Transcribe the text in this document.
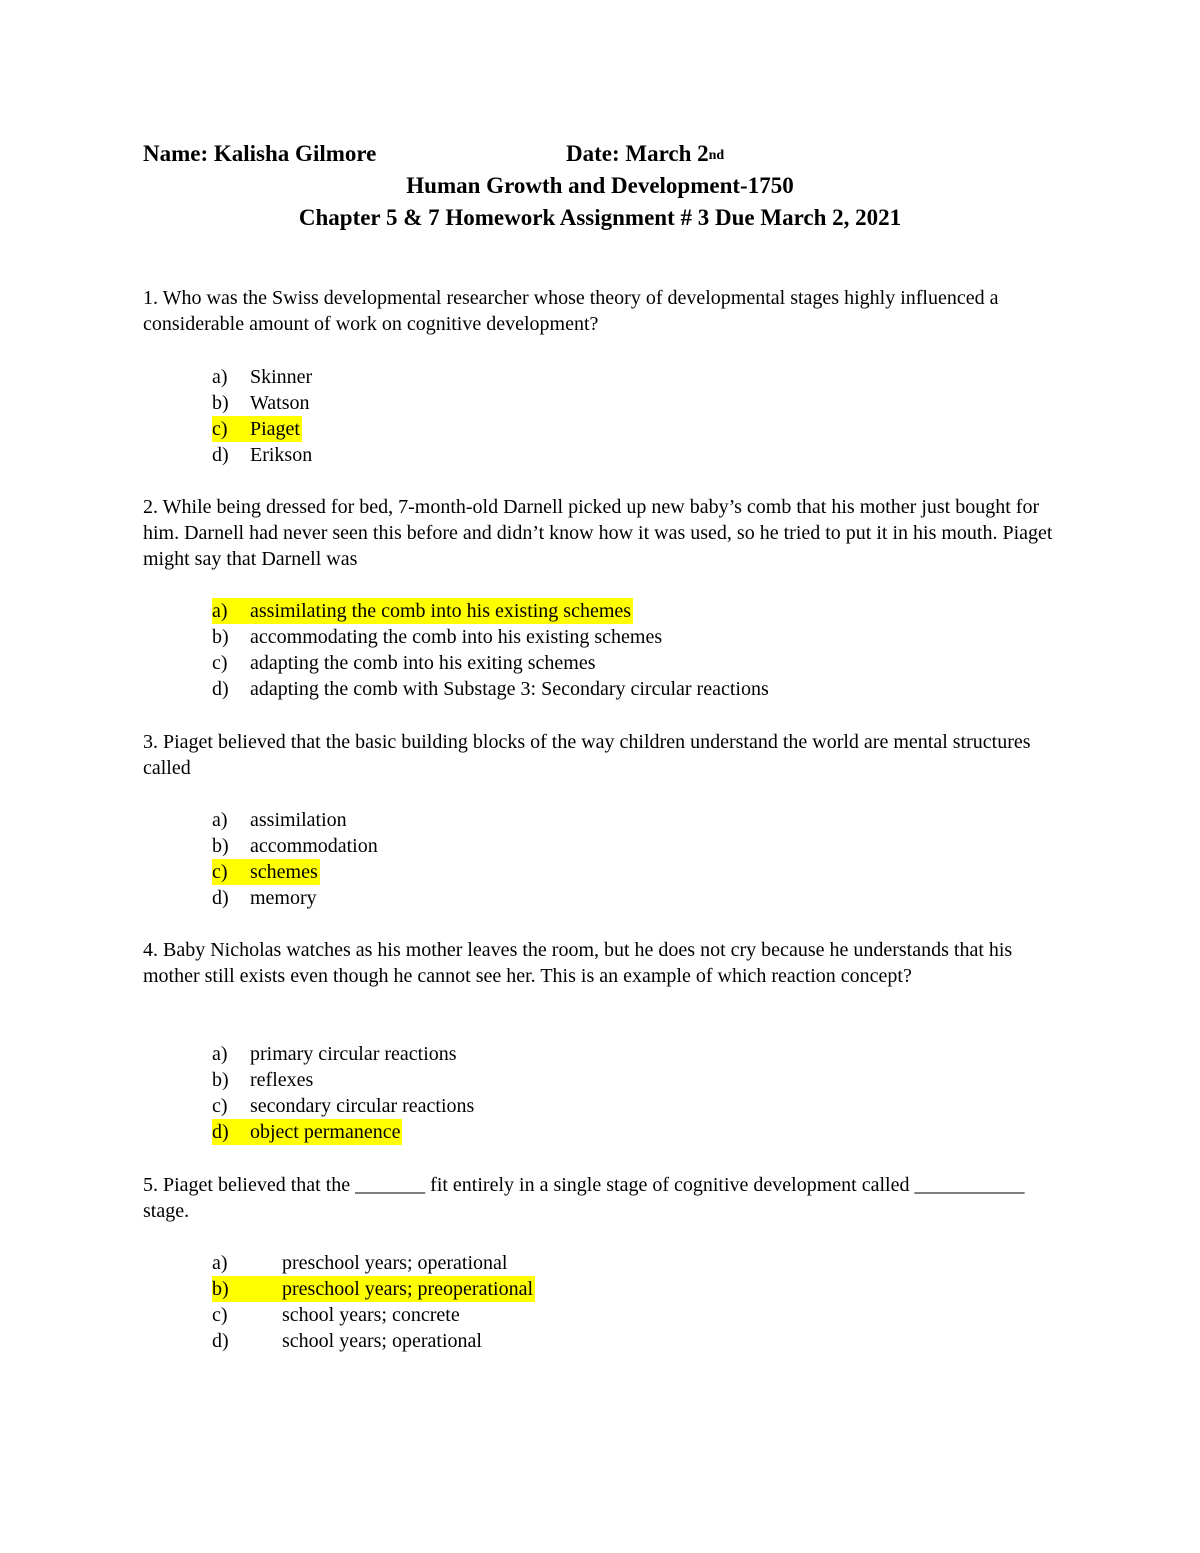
Name: Kalisha Gilmore	Date: March 2nd
Human Growth and Development-1750
Chapter 5 & 7 Homework Assignment # 3 Due March 2, 2021
1. Who was the Swiss developmental researcher whose theory of developmental stages highly influenced a considerable amount of work on cognitive development?
a) Skinner
b) Watson
c) Piaget
d) Erikson
2. While being dressed for bed, 7-month-old Darnell picked up new baby’s comb that his mother just bought for him. Darnell had never seen this before and didn’t know how it was used, so he tried to put it in his mouth. Piaget might say that Darnell was
a) assimilating the comb into his existing schemes
b) accommodating the comb into his existing schemes
c) adapting the comb into his exiting schemes
d) adapting the comb with Substage 3: Secondary circular reactions
3. Piaget believed that the basic building blocks of the way children understand the world are mental structures called
a) assimilation
b) accommodation
c) schemes
d) memory
4. Baby Nicholas watches as his mother leaves the room, but he does not cry because he understands that his mother still exists even though he cannot see her. This is an example of which reaction concept?
a) primary circular reactions
b) reflexes
c) secondary circular reactions
d) object permanence
5. Piaget believed that the _______ fit entirely in a single stage of cognitive development called ___________ stage.
a)	preschool years; operational
b)	preschool years; preoperational
c)	school years; concrete
d)	school years; operational
